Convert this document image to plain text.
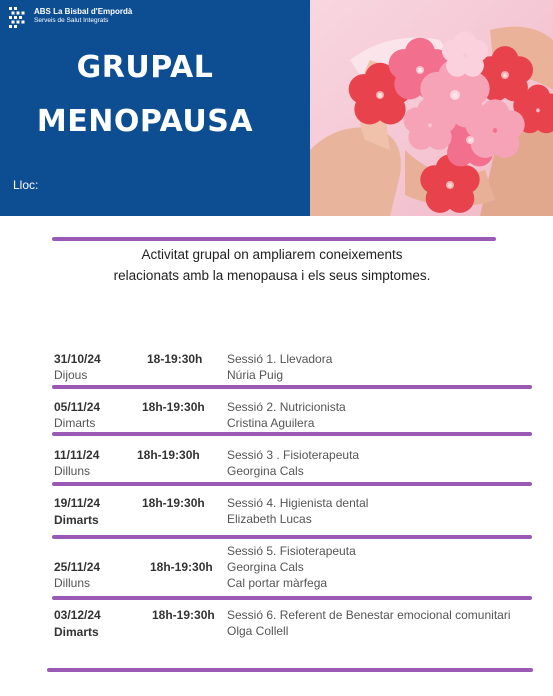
ABS La Bisbal d'Empordà
Serveis de Salut Integrats
GRUPAL
MENOPAUSA
Lloc:
Activitat grupal on ampliarem coneixements
relacionats amb la menopausa i els seus simptomes.
31/10/24
Dijous
18-19:30h Sessió 1. Llevadora
Núria Puig
05/11/24
Dimarts
18h-19:30h Sessió 2. Nutricionista
Cristina Aguilera
11/11/24
Dilluns
18h-19:30h Sessió 3 . Fisioterapeuta
Georgina Cals
19/11/24
Dimarts
18h-19:30h Sessió 4. Higienista dental
Elizabeth Lucas
25/11/24
Dilluns
18h-19:30h
Sessió 5. Fisioterapeuta
Georgina Cals
Cal portar màrfega
03/12/24
Dimarts
18h-19:30h Sessió 6. Referent de Benestar emocional comunitari
Olga Collell
